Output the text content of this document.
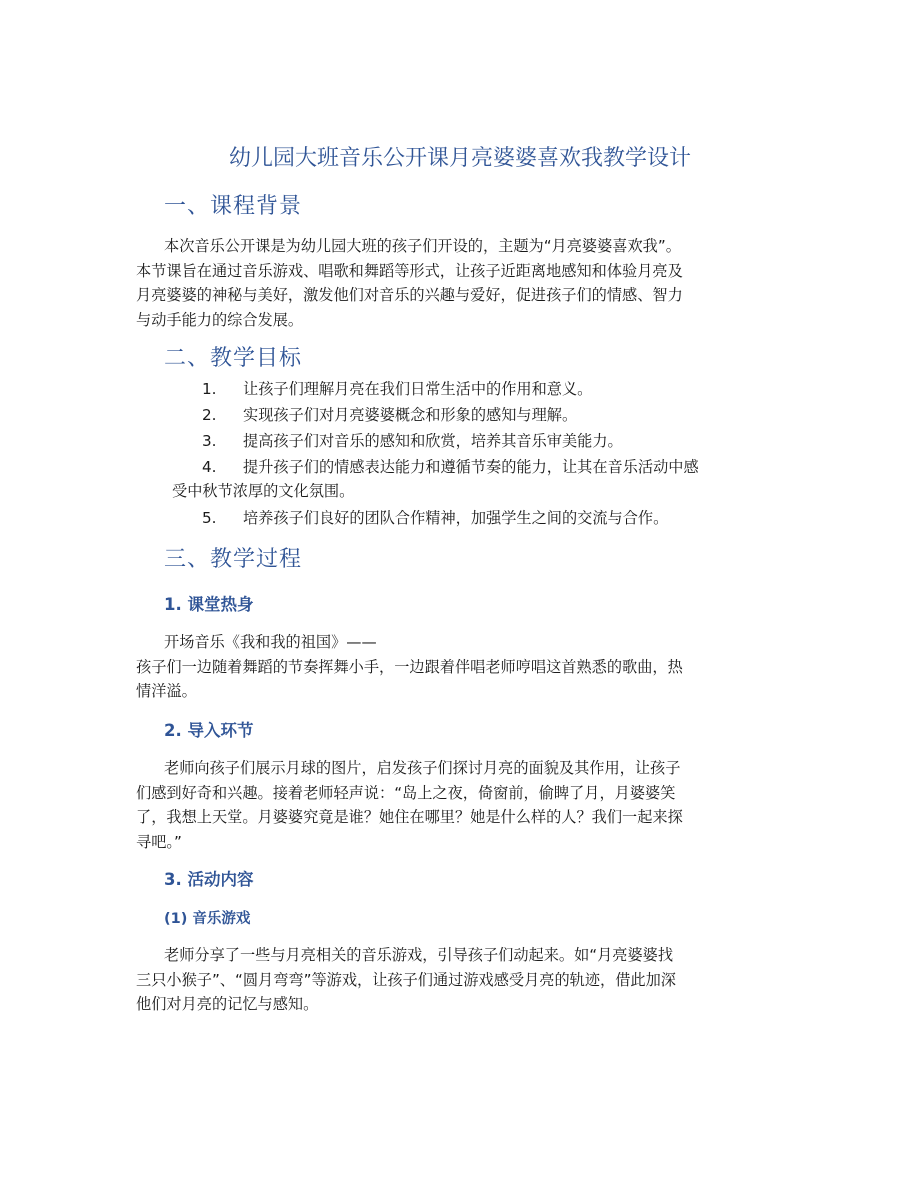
幼儿园大班音乐公开课月亮婆婆喜欢我教学设计
一、课程背景
本次音乐公开课是为幼儿园大班的孩子们开设的，主题为“月亮婆婆喜欢我”。
本节课旨在通过音乐游戏、唱歌和舞蹈等形式，让孩子近距离地感知和体验月亮及
月亮婆婆的神秘与美好，激发他们对音乐的兴趣与爱好，促进孩子们的情感、智力
与动手能力的综合发展。
二、教学目标
1.	让孩子们理解月亮在我们日常生活中的作用和意义。
2.	实现孩子们对月亮婆婆概念和形象的感知与理解。
3.	提高孩子们对音乐的感知和欣赏，培养其音乐审美能力。
4.	提升孩子们的情感表达能力和遵循节奏的能力，让其在音乐活动中感
受中秋节浓厚的文化氛围。
5.	培养孩子们良好的团队合作精神，加强学生之间的交流与合作。
三、教学过程
1. 课堂热身
开场音乐《我和我的祖国》——
孩子们一边随着舞蹈的节奏挥舞小手，一边跟着伴唱老师哼唱这首熟悉的歌曲，热
情洋溢。
2. 导入环节
老师向孩子们展示月球的图片，启发孩子们探讨月亮的面貌及其作用，让孩子
们感到好奇和兴趣。接着老师轻声说：“岛上之夜，倚窗前，偷睥了月，月婆婆笑
了，我想上天堂。月婆婆究竟是谁？她住在哪里？她是什么样的人？我们一起来探
寻吧。”
3. 活动内容
(1) 音乐游戏
老师分享了一些与月亮相关的音乐游戏，引导孩子们动起来。如“月亮婆婆找
三只小猴子”、“圆月弯弯”等游戏，让孩子们通过游戏感受月亮的轨迹，借此加深
他们对月亮的记忆与感知。
